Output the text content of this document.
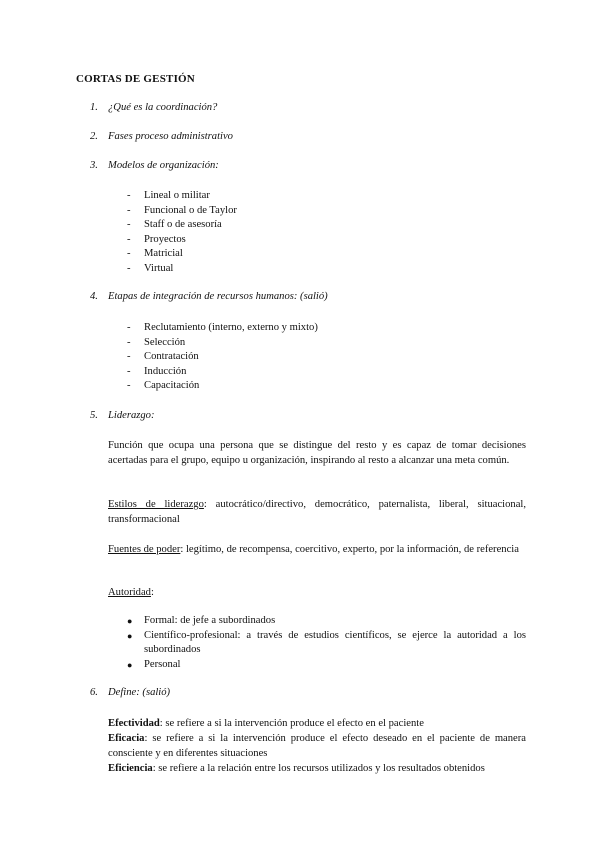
CORTAS DE GESTIÓN
1. ¿Qué es la coordinación?
2. Fases proceso administrativo
3. Modelos de organización:
- Lineal o militar
- Funcional o de Taylor
- Staff o de asesoría
- Proyectos
- Matricial
- Virtual
4. Etapas de integración de recursos humanos: (salió)
- Reclutamiento (interno, externo y mixto)
- Selección
- Contratación
- Inducción
- Capacitación
5. Liderazgo:
Función que ocupa una persona que se distingue del resto y es capaz de tomar decisiones acertadas para el grupo, equipo u organización, inspirando al resto a alcanzar una meta común.
Estilos de liderazgo: autocrático/directivo, democrático, paternalista, liberal, situacional, transformacional
Fuentes de poder: legítimo, de recompensa, coercitivo, experto, por la información, de referencia
Autoridad:
● Formal: de jefe a subordinados
● Científico-profesional: a través de estudios científicos, se ejerce la autoridad a los subordinados
● Personal
6. Define: (salió)
Efectividad: se refiere a si la intervención produce el efecto en el paciente
Eficacia: se refiere a si la intervención produce el efecto deseado en el paciente de manera consciente y en diferentes situaciones
Eficiencia: se refiere a la relación entre los recursos utilizados y los resultados obtenidos
